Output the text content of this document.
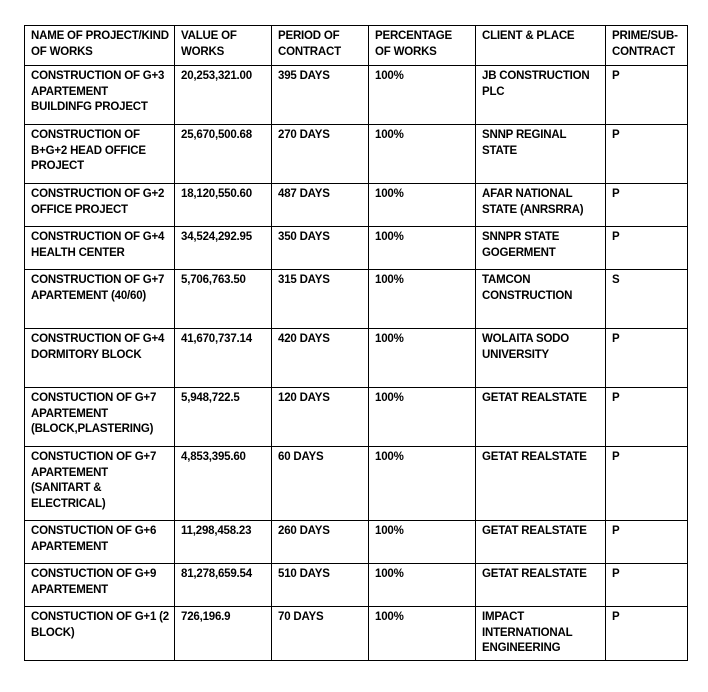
NAME OF PROJECT/KIND OF WORKS	VALUE OF WORKS	PERIOD OF CONTRACT	PERCENTAGE OF WORKS	CLIENT & PLACE	PRIME/SUB-CONTRACT
CONSTRUCTION OF G+3 APARTEMENT BUILDINFG PROJECT	20,253,321.00	395 DAYS	100%	JB CONSTRUCTION PLC	P
CONSTRUCTION OF B+G+2 HEAD OFFICE PROJECT	25,670,500.68	270 DAYS	100%	SNNP REGINAL STATE	P
CONSTRUCTION OF G+2 OFFICE PROJECT	18,120,550.60	487 DAYS	100%	AFAR NATIONAL STATE (ANRSRRA)	P
CONSTRUCTION OF G+4 HEALTH CENTER	34,524,292.95	350 DAYS	100%	SNNPR STATE GOGERMENT	P
CONSTRUCTION OF G+7 APARTEMENT (40/60)	5,706,763.50	315 DAYS	100%	TAMCON CONSTRUCTION	S
CONSTRUCTION OF G+4 DORMITORY BLOCK	41,670,737.14	420 DAYS	100%	WOLAITA SODO UNIVERSITY	P
CONSTUCTION OF G+7 APARTEMENT (BLOCK,PLASTERING)	5,948,722.5	120 DAYS	100%	GETAT REALSTATE	P
CONSTUCTION OF G+7 APARTEMENT (SANITART & ELECTRICAL)	4,853,395.60	60 DAYS	100%	GETAT REALSTATE	P
CONSTUCTION OF G+6 APARTEMENT	11,298,458.23	260 DAYS	100%	GETAT REALSTATE	P
CONSTUCTION OF G+9 APARTEMENT	81,278,659.54	510 DAYS	100%	GETAT REALSTATE	P
CONSTUCTION OF G+1 (2 BLOCK)	726,196.9	70 DAYS	100%	IMPACT INTERNATIONAL ENGINEERING	P
